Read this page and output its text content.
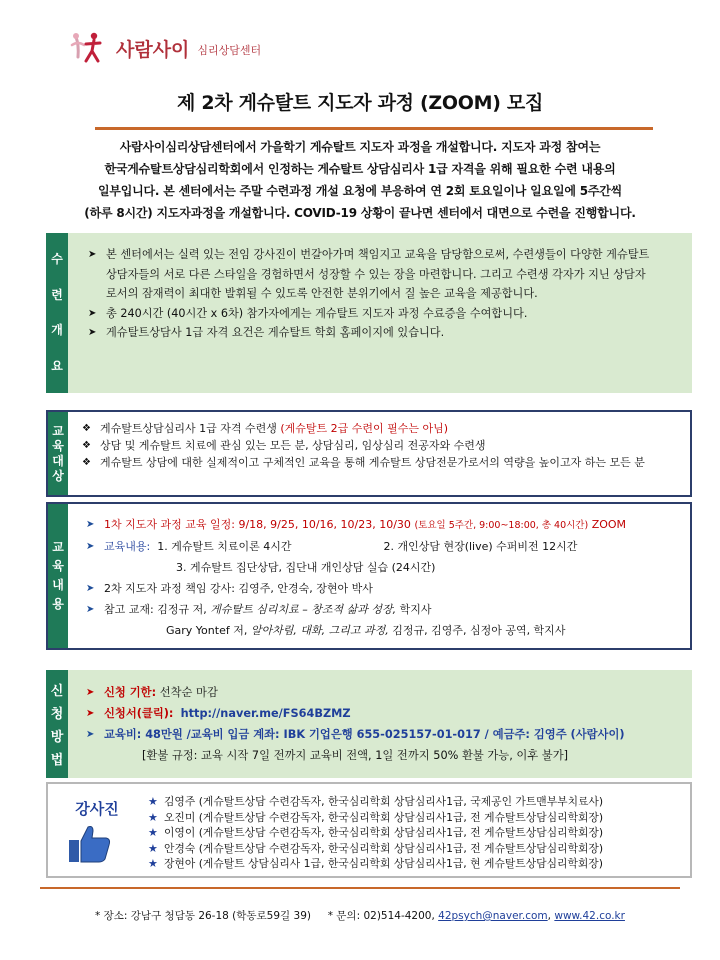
사람사이 심리상담센터
제 2차 게슈탈트 지도자 과정 (ZOOM) 모집
사람사이심리상담센터에서 가을학기 게슈탈트 지도자 과정을 개설합니다. 지도자 과정 참여는
한국게슈탈트상담심리학회에서 인정하는 게슈탈트 상담심리사 1급 자격을 위해 필요한 수련 내용의
일부입니다. 본 센터에서는 주말 수련과정 개설 요청에 부응하여 연 2회 토요일이나 일요일에 5주간씩
(하루 8시간) 지도자과정을 개설합니다. COVID-19 상황이 끝나면 센터에서 대면으로 수련을 진행합니다.
수
련
개
요
➤ 본 센터에서는 실력 있는 전임 강사진이 번갈아가며 책임지고 교육을 담당함으로써, 수련생들이 다양한 게슈탈트 상담자들의 서로 다른 스타일을 경험하면서 성장할 수 있는 장을 마련합니다. 그리고 수련생 각자가 지닌 상담자로서의 잠재력이 최대한 발휘될 수 있도록 안전한 분위기에서 질 높은 교육을 제공합니다.
➤ 총 240시간 (40시간 x 6차) 참가자에게는 게슈탈트 지도자 과정 수료증을 수여합니다.
➤ 게슈탈트상담사 1급 자격 요건은 게슈탈트 학회 홈페이지에 있습니다.
교
육
대
상
❖ 게슈탈트상담심리사 1급 자격 수련생 (게슈탈트 2급 수련이 필수는 아님)
❖ 상담 및 게슈탈트 치료에 관심 있는 모든 분, 상담심리, 임상심리 전공자와 수련생
❖ 게슈탈트 상담에 대한 실제적이고 구체적인 교육을 통해 게슈탈트 상담전문가로서의 역량을 높이고자 하는 모든 분
교
육
내
용
➤ 1차 지도자 과정 교육 일정: 9/18, 9/25, 10/16, 10/23, 10/30 (토요일 5주간, 9:00~18:00, 총 40시간) ZOOM
➤ 교육내용: 1. 게슈탈트 치료이론 4시간	2. 개인상담 현장(live) 수퍼비전 12시간
3. 게슈탈트 집단상담, 집단내 개인상담 실습 (24시간)
➤ 2차 지도자 과정 책임 강사: 김영주, 안경숙, 장현아 박사
➤ 참고 교재: 김정규 저, 게슈탈트 심리치료 – 창조적 삶과 성장, 학지사
Gary Yontef 저, 알아차림, 대화, 그리고 과정, 김정규, 김영주, 심정아 공역, 학지사
신
청
방
법
➤ 신청 기한: 선착순 마감
➤ 신청서(클릭): http://naver.me/FS64BZMZ
➤ 교육비: 48만원 /교육비 입금 계좌: IBK 기업은행 655-025157-01-017 / 예금주: 김영주 (사람사이)
[환불 규정: 교육 시작 7일 전까지 교육비 전액, 1일 전까지 50% 환불 가능, 이후 불가]
강사진	★ 김영주 (게슈탈트상담 수련감독자, 한국심리학회 상담심리사1급, 국제공인 가트맨부부치료사)
★ 오진미 (게슈탈트상담 수련감독자, 한국심리학회 상담심리사1급, 전 게슈탈트상담심리학회장)
★ 이영이 (게슈탈트상담 수련감독자, 한국심리학회 상담심리사1급, 전 게슈탈트상담심리학회장)
★ 안경숙 (게슈탈트상담 수련감독자, 한국심리학회 상담심리사1급, 전 게슈탈트상담심리학회장)
★ 장현아 (게슈탈트 상담심리사 1급, 한국심리학회 상담심리사1급, 현 게슈탈트상담심리학회장)
* 장소: 강남구 청담동 26-18 (학동로59길 39) * 문의: 02)514-4200, 42psych@naver.com, www.42.co.kr
